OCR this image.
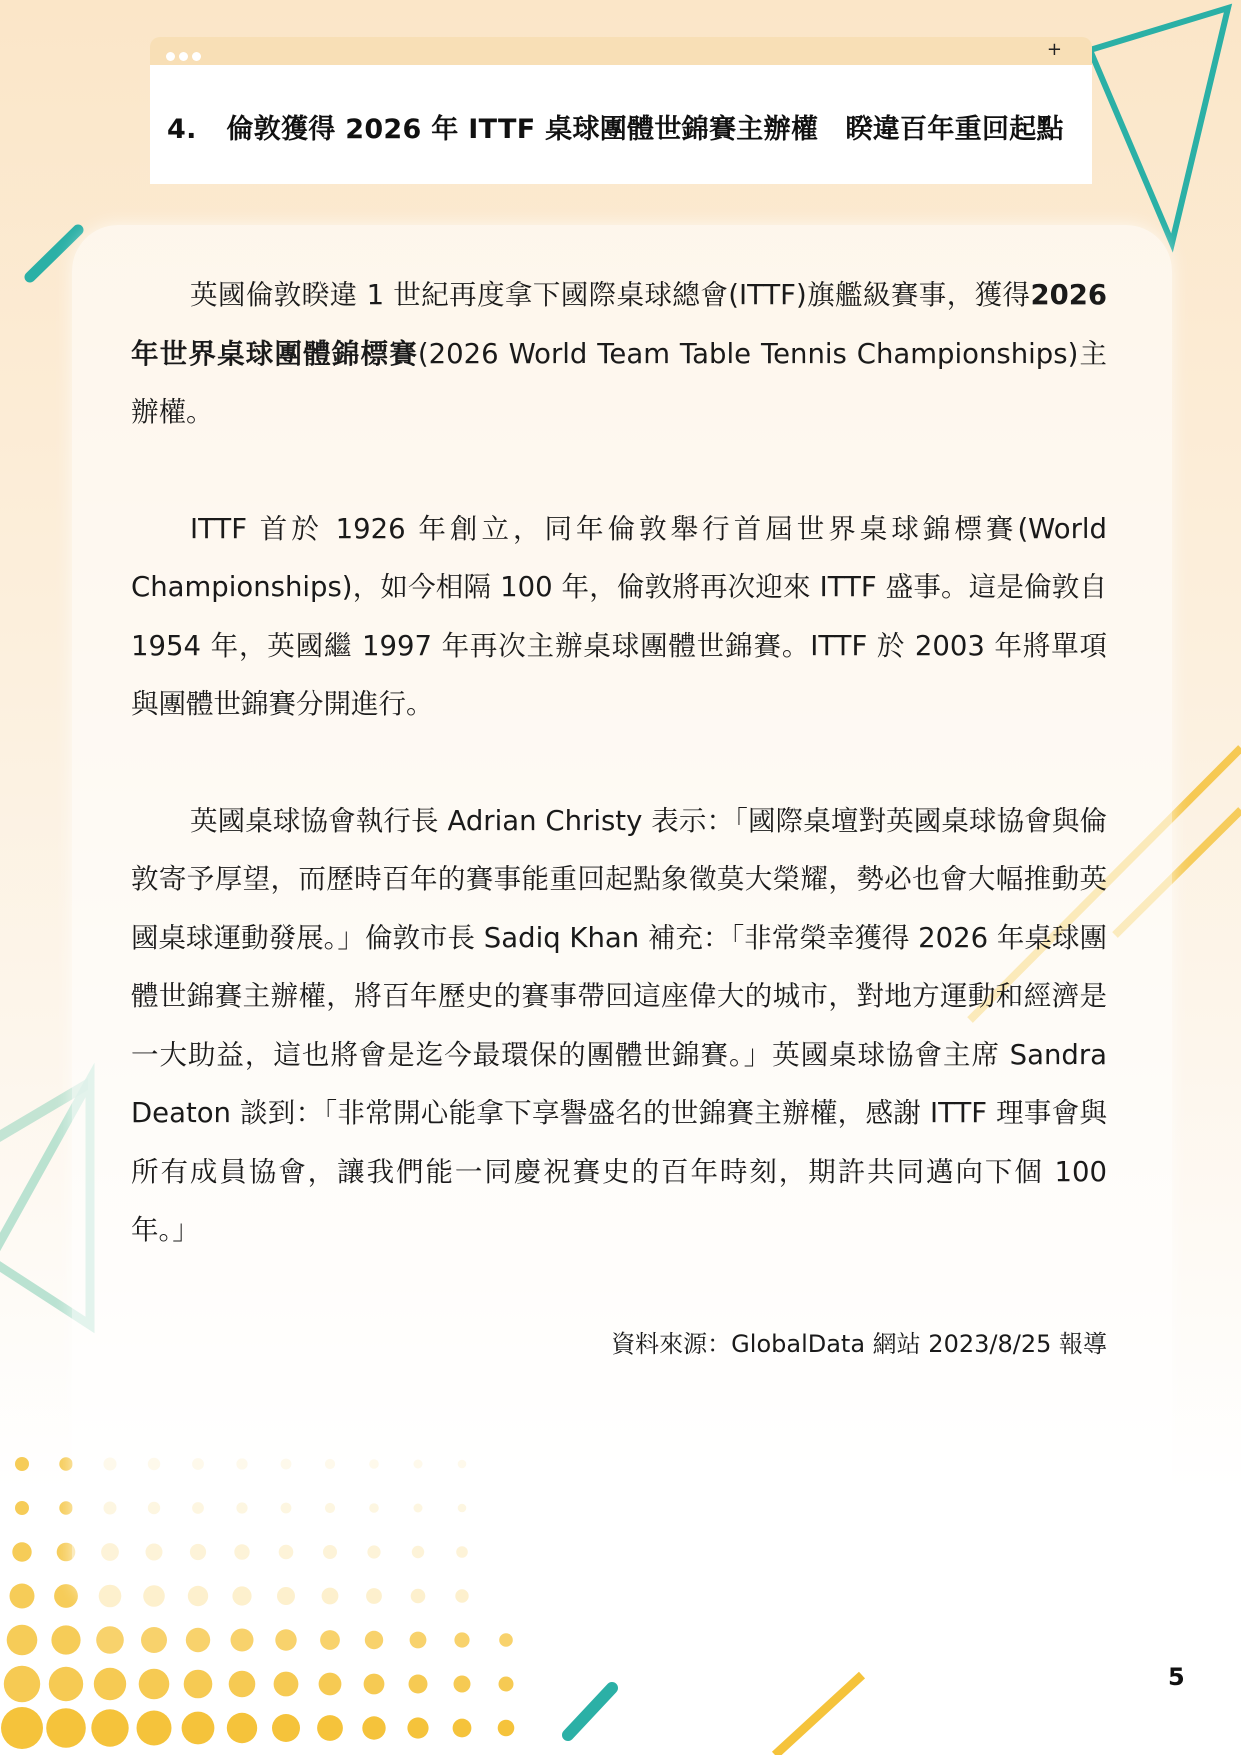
+
4. 倫敦獲得 2026 年 ITTF 桌球團體世錦賽主辦權　睽違百年重回起點

英國倫敦睽違 1 世紀再度拿下國際桌球總會(ITTF)旗艦級賽事，獲得2026 年世界桌球團體錦標賽(2026 World Team Table Tennis Championships)主辦權。

ITTF 首於 1926 年創立，同年倫敦舉行首屆世界桌球錦標賽(World Championships)，如今相隔 100 年，倫敦將再次迎來 ITTF 盛事。這是倫敦自 1954 年，英國繼 1997 年再次主辦桌球團體世錦賽。ITTF 於 2003 年將單項與團體世錦賽分開進行。

英國桌球協會執行長 Adrian Christy 表示：「國際桌壇對英國桌球協會與倫敦寄予厚望，而歷時百年的賽事能重回起點象徵莫大榮耀，勢必也會大幅推動英國桌球運動發展。」倫敦市長 Sadiq Khan 補充：「非常榮幸獲得 2026 年桌球團體世錦賽主辦權，將百年歷史的賽事帶回這座偉大的城市，對地方運動和經濟是一大助益，這也將會是迄今最環保的團體世錦賽。」英國桌球協會主席 Sandra Deaton 談到：「非常開心能拿下享譽盛名的世錦賽主辦權，感謝 ITTF 理事會與所有成員協會，讓我們能一同慶祝賽史的百年時刻，期許共同邁向下個 100 年。」

資料來源：GlobalData 網站 2023/8/25 報導
5
